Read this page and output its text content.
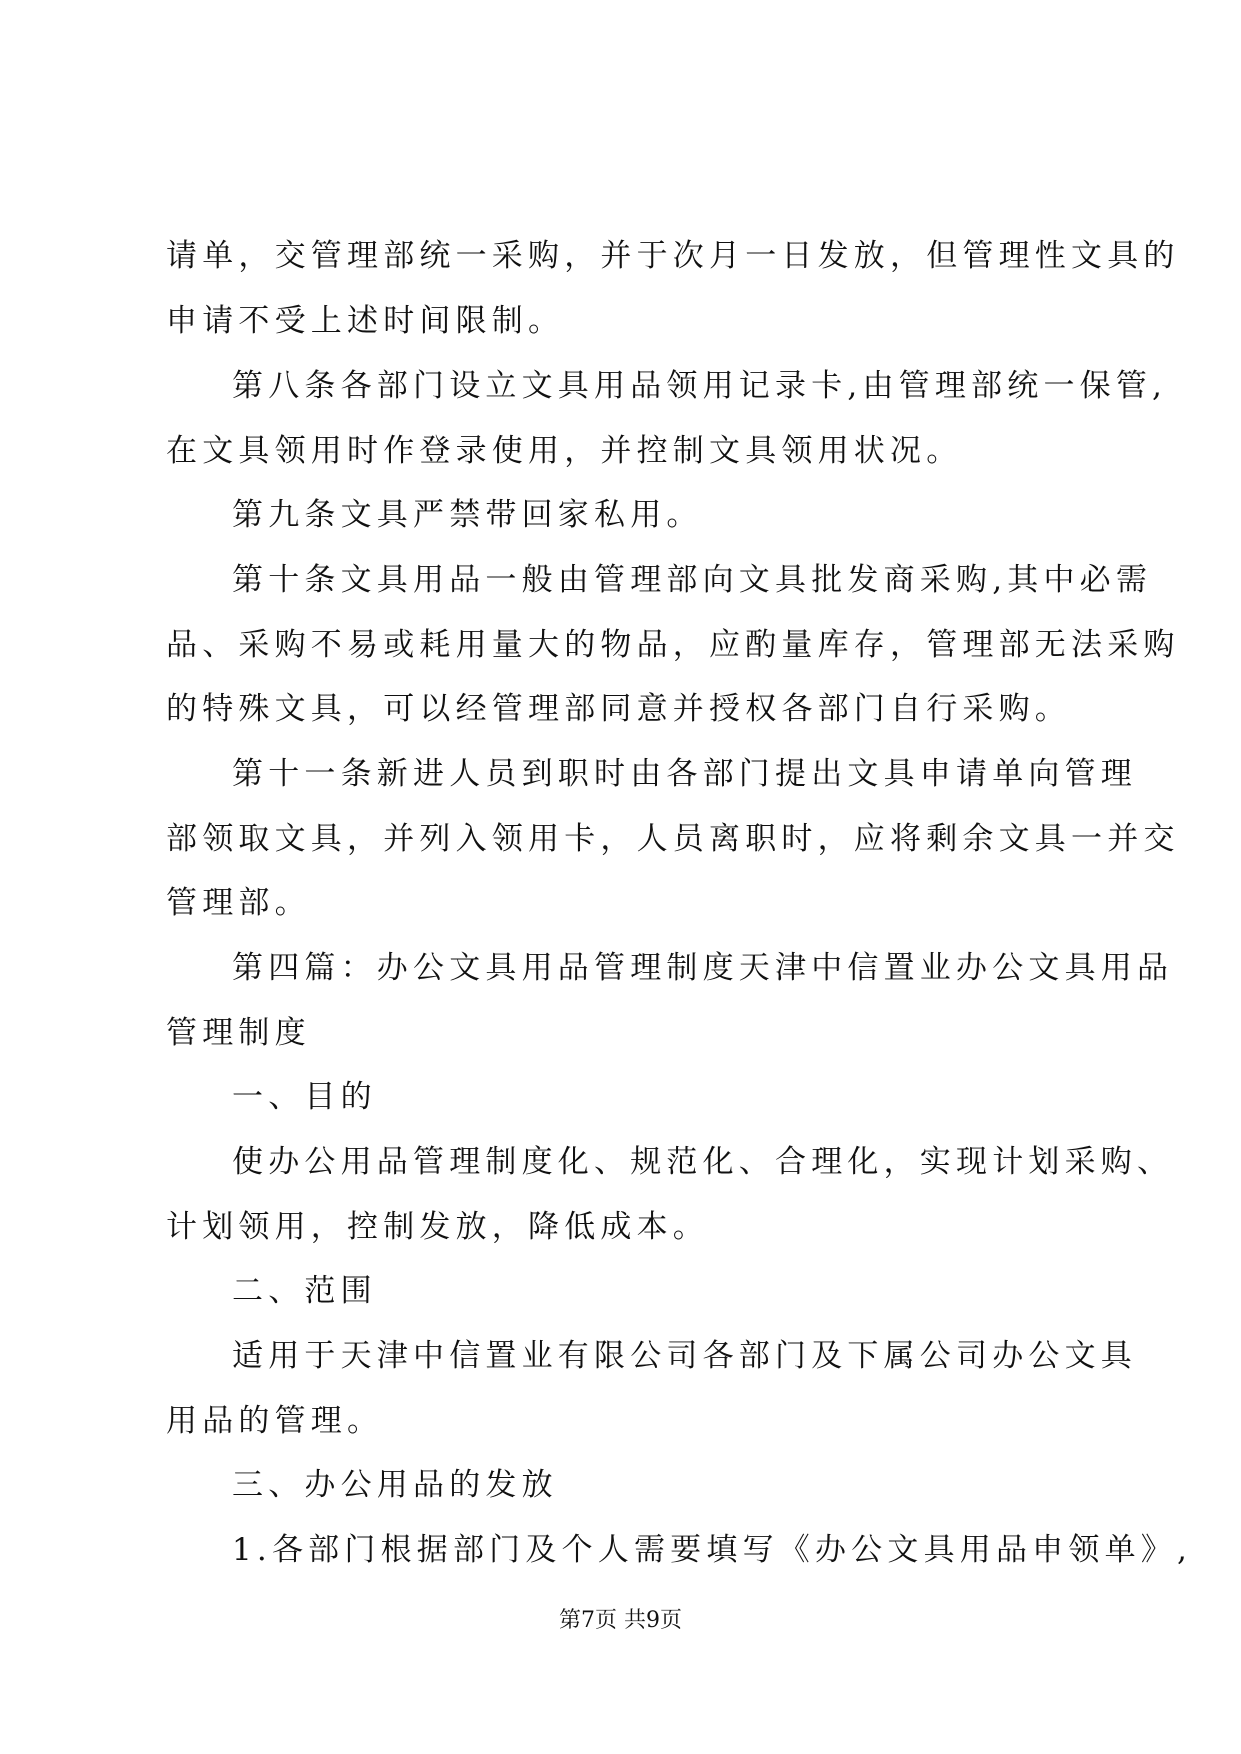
请单，交管理部统一采购，并于次月一日发放，但管理性文具的
申请不受上述时间限制。
第八条各部门设立文具用品领用记录卡,由管理部统一保管,
在文具领用时作登录使用，并控制文具领用状况。
第九条文具严禁带回家私用。
第十条文具用品一般由管理部向文具批发商采购,其中必需
品、采购不易或耗用量大的物品，应酌量库存，管理部无法采购
的特殊文具，可以经管理部同意并授权各部门自行采购。
第十一条新进人员到职时由各部门提出文具申请单向管理
部领取文具，并列入领用卡，人员离职时，应将剩余文具一并交
管理部。
第四篇：办公文具用品管理制度天津中信置业办公文具用品
管理制度
一、目的
使办公用品管理制度化、规范化、合理化，实现计划采购、
计划领用，控制发放，降低成本。
二、范围
适用于天津中信置业有限公司各部门及下属公司办公文具
用品的管理。
三、办公用品的发放
1.各部门根据部门及个人需要填写《办公文具用品申领单》,
第7页 共9页
